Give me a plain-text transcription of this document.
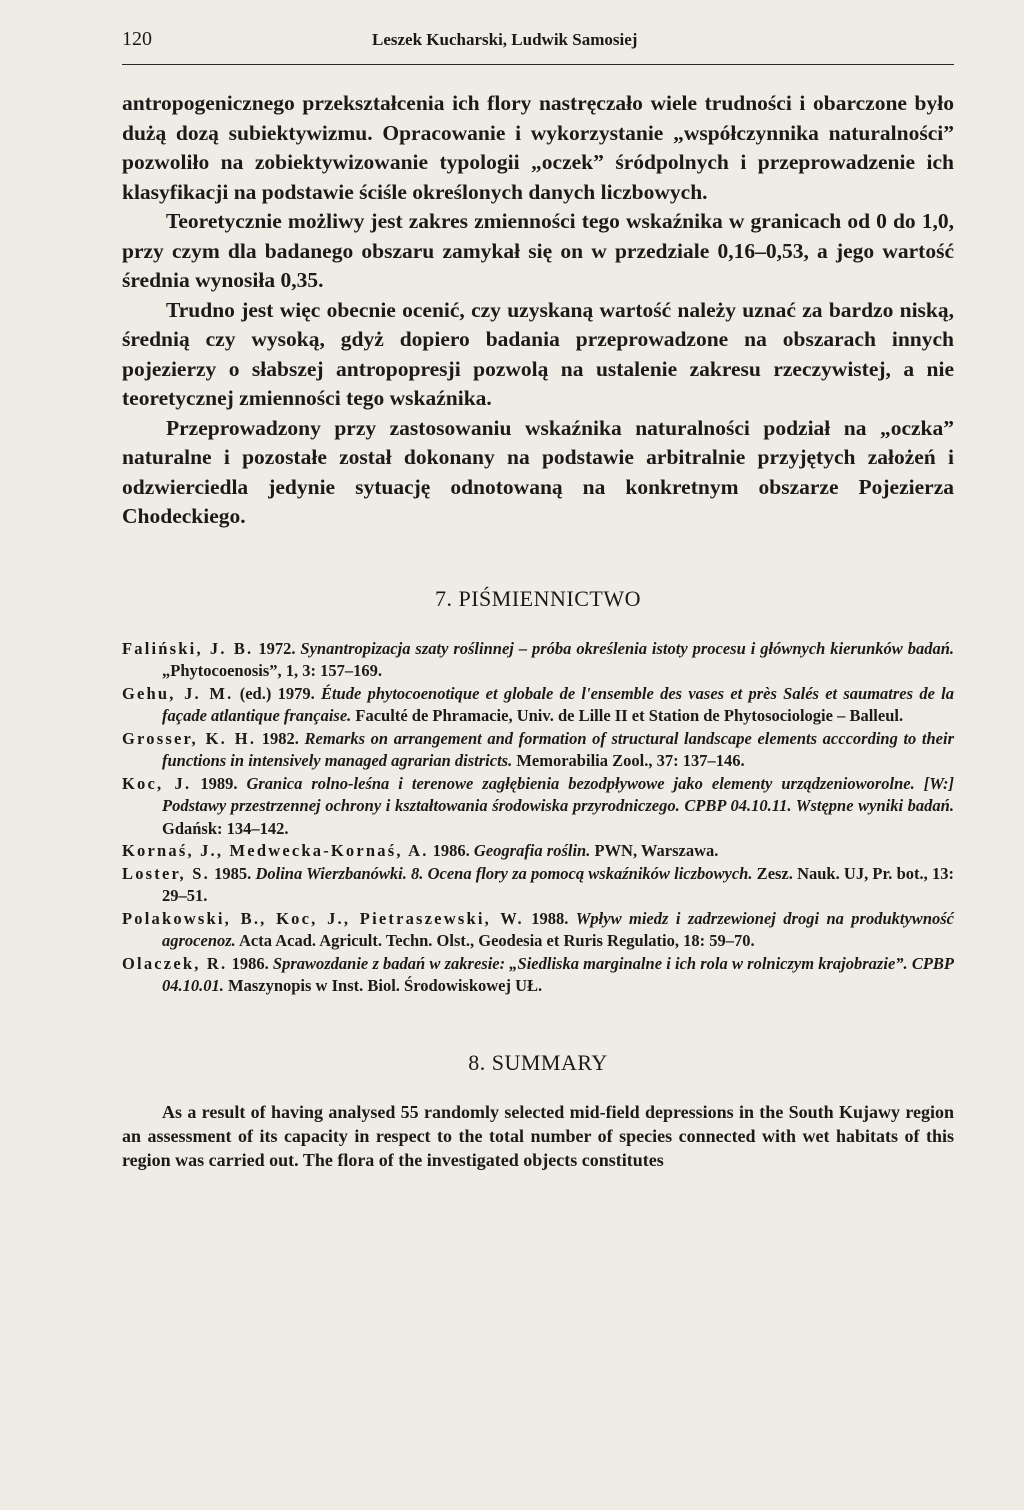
120	Leszek Kucharski, Ludwik Samosiej

antropogenicznego przekształcenia ich flory nastręczało wiele trudności i obarczone było dużą dozą subiektywizmu. Opracowanie i wykorzystanie „współczynnika naturalności” pozwoliło na zobiektywizowanie typologii „oczek” śródpolnych i przeprowadzenie ich klasyfikacji na podstawie ściśle określonych danych liczbowych.

Teoretycznie możliwy jest zakres zmienności tego wskaźnika w granicach od 0 do 1,0, przy czym dla badanego obszaru zamykał się on w przedziale 0,16–0,53, a jego wartość średnia wynosiła 0,35.

Trudno jest więc obecnie ocenić, czy uzyskaną wartość należy uznać za bardzo niską, średnią czy wysoką, gdyż dopiero badania przeprowadzone na obszarach innych pojezierzy o słabszej antropopresji pozwolą na ustalenie zakresu rzeczywistej, a nie teoretycznej zmienności tego wskaźnika.

Przeprowadzony przy zastosowaniu wskaźnika naturalności podział na „oczka” naturalne i pozostałe został dokonany na podstawie arbitralnie przyjętych założeń i odzwierciedla jedynie sytuację odnotowaną na konkretnym obszarze Pojezierza Chodeckiego.

7. PIŚMIENNICTWO

Faliński, J. B. 1972. Synantropizacja szaty roślinnej – próba określenia istoty procesu i głównych kierunków badań. „Phytocoenosis”, 1, 3: 157–169.

Gehu, J. M. (ed.) 1979. Étude phytocoenotique et globale de l'ensemble des vases et près Salés et saumatres de la façade atlantique française. Faculté de Phramacie, Univ. de Lille II et Station de Phytosociologie – Balleul.

Grosser, K. H. 1982. Remarks on arrangement and formation of structural landscape elements acccording to their functions in intensively managed agrarian districts. Memorabilia Zool., 37: 137–146.

Koc, J. 1989. Granica rolno-leśna i terenowe zagłębienia bezodpływowe jako elementy urządzenioworolne. [W:] Podstawy przestrzennej ochrony i kształtowania środowiska przyrodniczego. CPBP 04.10.11. Wstępne wyniki badań. Gdańsk: 134–142.

Kornaś, J., Medwecka-Kornaś, A. 1986. Geografia roślin. PWN, Warszawa.

Loster, S. 1985. Dolina Wierzbanówki. 8. Ocena flory za pomocą wskaźników liczbowych. Zesz. Nauk. UJ, Pr. bot., 13: 29–51.

Polakowski, B., Koc, J., Pietraszewski, W. 1988. Wpływ miedz i zadrzewionej drogi na produktywność agrocenoz. Acta Acad. Agricult. Techn. Olst., Geodesia et Ruris Regulatio, 18: 59–70.

Olaczek, R. 1986. Sprawozdanie z badań w zakresie: „Siedliska marginalne i ich rola w rolniczym krajobrazie”. CPBP 04.10.01. Maszynopis w Inst. Biol. Środowiskowej UŁ.

8. SUMMARY

As a result of having analysed 55 randomly selected mid-field depressions in the South Kujawy region an assessment of its capacity in respect to the total number of species connected with wet habitats of this region was carried out. The flora of the investigated objects constitutes
